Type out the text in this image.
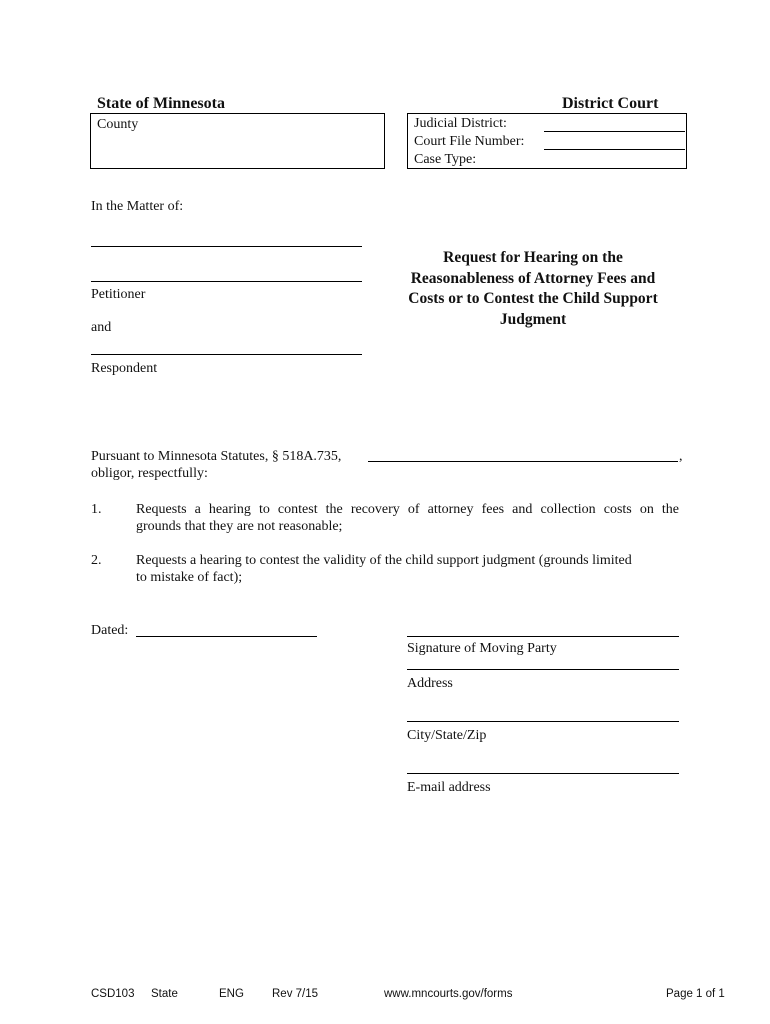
State of Minnesota	District Court
County	Judicial District:
Court File Number:
Case Type:
In the Matter of:
Petitioner
and
Respondent
Request for Hearing on the
Reasonableness of Attorney Fees and
Costs or to Contest the Child Support
Judgment
Pursuant to Minnesota Statutes, § 518A.735,	,
obligor, respectfully:
1. Requests a hearing to contest the recovery of attorney fees and collection costs on the
grounds that they are not reasonable;
2. Requests a hearing to contest the validity of the child support judgment (grounds limited
to mistake of fact);
Dated:
Signature of Moving Party
Address
City/State/Zip
E-mail address
CSD103 State	ENG Rev 7/15	www.mncourts.gov/forms	Page 1 of 1
